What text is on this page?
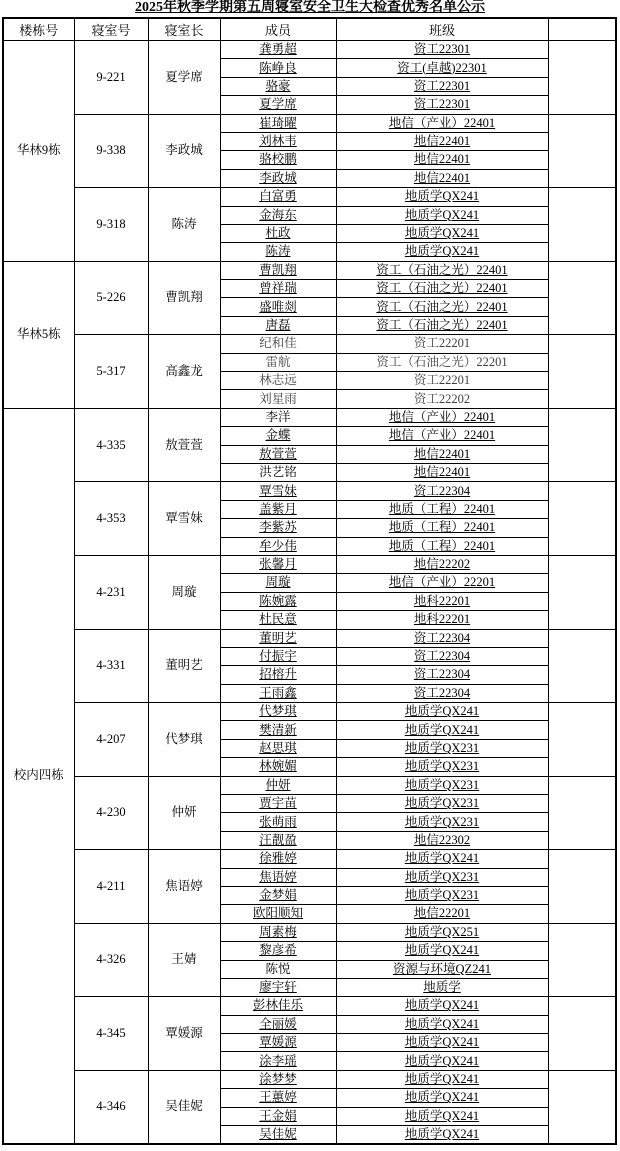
2025年秋季学期第五周寝室安全卫生大检查优秀名单公示
楼栋号	寝室号	寝室长	成员	班级	
华林9栋	9-221	夏学席	龚勇超	资工22301	
			陈峥良	资工(卓越)22301	
			骆豪	资工22301	
			夏学席	资工22301	
	9-338	李政城	崔琦曜	地信（产业）22401	
			刘林韦	地信22401	
			骆校鹏	地信22401	
			李政城	地信22401	
	9-318	陈涛	白富勇	地质学QX241	
			金海东	地质学QX241	
			杜政	地质学QX241	
			陈涛	地质学QX241	
华林5栋	5-226	曹凯翔	曹凯翔	资工（石油之光）22401	
			曾祥瑞	资工（石油之光）22401	
			盛唯剡	资工（石油之光）22401	
			唐磊	资工（石油之光）22401	
	5-317	高鑫龙	纪和佳	资工22201	
			雷航	资工（石油之光）22201	
			林志远	资工22201	
			刘星雨	资工22202	
校内四栋	4-335	敖萱萱	李洋	地信（产业）22401	
			金蝶	地信（产业）22401	
			敖萱萱	地信22401	
			洪艺铭	地信22401	
	4-353	覃雪妹	覃雪妹	资工22304	
			盖紫月	地质（工程）22401	
			李紫苏	地质（工程）22401	
			牟少伟	地质（工程）22401	
	4-231	周璇	张馨月	地信22202	
			周璇	地信（产业）22201	
			陈婉露	地科22201	
			杜民意	地科22201	
	4-331	董明艺	董明艺	资工22304	
			付振宇	资工22304	
			招榕升	资工22304	
			王雨鑫	资工22304	
	4-207	代梦琪	代梦琪	地质学QX241	
			樊清新	地质学QX241	
			赵思琪	地质学QX231	
			林婉媚	地质学QX231	
	4-230	仲妍	仲妍	地质学QX231	
			贾宇苗	地质学QX231	
			张萌雨	地质学QX231	
			汪靓盈	地信22302	
	4-211	焦语婷	徐雅婷	地质学QX241	
			焦语婷	地质学QX231	
			金梦娟	地质学QX231	
			欧阳顺知	地信22201	
	4-326	王婧	周素梅	地质学QX251	
			黎彦希	地质学QX241	
			陈悦	资源与环境QZ241	
			廖宇轩	地质学	
	4-345	覃媛源	彭林佳乐	地质学QX241	
			全丽媛	地质学QX241	
			覃媛源	地质学QX241	
			涂李瑶	地质学QX241	
	4-346	吴佳妮	涂梦梦	地质学QX241	
			王蕙婷	地质学QX241	
			王金娟	地质学QX241	
			吴佳妮	地质学QX241	
